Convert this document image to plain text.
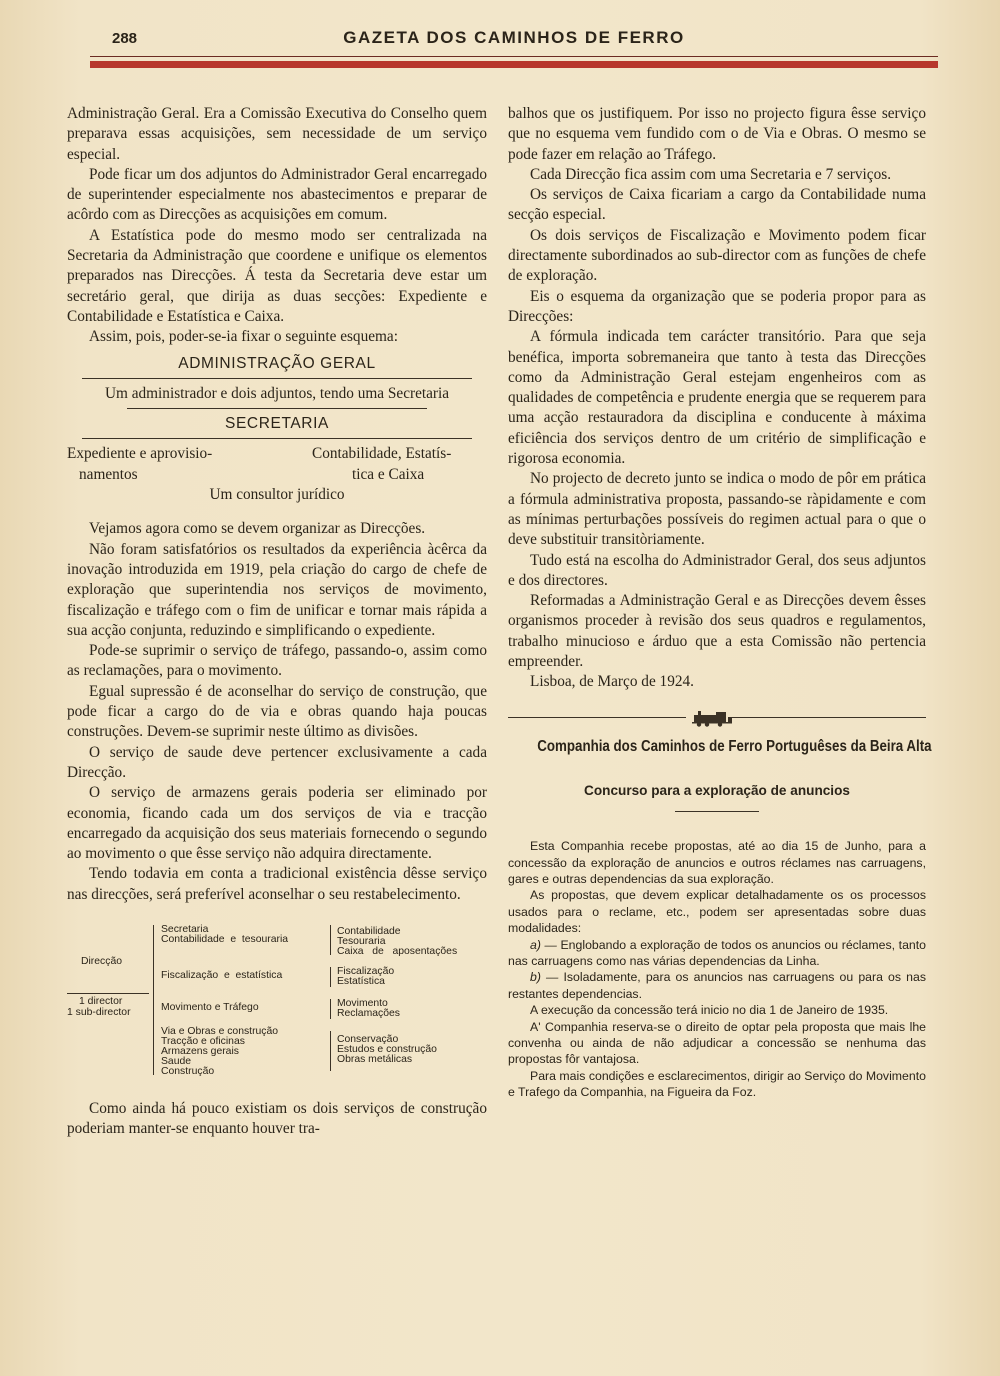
288	GAZETA DOS CAMINHOS DE FERRO

Administração Geral. Era a Comissão Executiva do Conselho quem preparava essas acquisições, sem necessidade de um serviço especial.

Pode ficar um dos adjuntos do Administrador Geral encarregado de superintender especialmente nos abastecimentos e preparar de acôrdo com as Direcções as acquisições em comum.

A Estatística pode do mesmo modo ser centralizada na Secretaria da Administração que coordene e unifique os elementos preparados nas Direcções. Á testa da Secretaria deve estar um secretário geral, que dirija as duas secções: Expediente e Contabilidade e Estatística e Caixa.

Assim, pois, poder-se-ia fixar o seguinte esquema:

ADMINISTRAÇÃO GERAL
Um administrador e dois adjuntos, tendo uma Secretaria
SECRETARIA
Expediente e aprovisio-
namentos
Contabilidade, Estatís-
tica e Caixa
Um consultor jurídico

Vejamos agora como se devem organizar as Direcções.

Não foram satisfatórios os resultados da experiência àcêrca da inovação introduzida em 1919, pela criação do cargo de chefe de exploração que superintendia nos serviços de movimento, fiscalização e tráfego com o fim de unificar e tornar mais rápida a sua acção conjunta, reduzindo e simplificando o expediente.

Pode-se suprimir o serviço de tráfego, passando-o, assim como as reclamações, para o movimento.

Egual supressão é de aconselhar do serviço de construção, que pode ficar a cargo do de via e obras quando haja poucas construções. Devem-se suprimir neste último as divisões.

O serviço de saude deve pertencer exclusivamente a cada Direcção.

O serviço de armazens gerais poderia ser eliminado por economia, ficando cada um dos serviços de via e tracção encarregado da acquisição dos seus materiais fornecendo o segundo ao movimento o que êsse serviço não adquira directamente.

Tendo todavia em conta a tradicional existência dêsse serviço nas direcções, será preferível aconselhar o seu restabelecimento.

Direcção
1 director
1 sub-director
Secretaria
Contabilidade  e  tesouraria
Fiscalização  e  estatística
Movimento e Tráfego
Via e Obras e construção
Tracção e oficinas
Armazens gerais
Saude
Construção
Contabilidade
Tesouraria
Caixa   de   aposentações
Fiscalização
Estatística
Movimento
Reclamações
Conservação
Estudos e construção
Obras metálicas

Como ainda há pouco existiam os dois serviços de construção poderiam manter-se enquanto houver tra-

balhos que os justifiquem. Por isso no projecto figura êsse serviço que no esquema vem fundido com o de Via e Obras. O mesmo se pode fazer em relação ao Tráfego.

Cada Direcção fica assim com uma Secretaria e 7 serviços.

Os serviços de Caixa ficariam a cargo da Contabilidade numa secção especial.

Os dois serviços de Fiscalização e Movimento podem ficar directamente subordinados ao sub-director com as funções de chefe de exploração.

Eis o esquema da organização que se poderia propor para as Direcções:

A fórmula indicada tem carácter transitório. Para que seja benéfica, importa sobremaneira que tanto à testa das Direcções como da Administração Geral estejam engenheiros com as qualidades de competência e prudente energia que se requerem para uma acção restauradora da disciplina e conducente à máxima eficiência dos serviços dentro de um critério de simplificação e rigorosa economia.

No projecto de decreto junto se indica o modo de pôr em prática a fórmula administrativa proposta, passando-se ràpidamente e com as mínimas perturbações possíveis do regimen actual para o que o deve substituir transitòriamente.

Tudo está na escolha do Administrador Geral, dos seus adjuntos e dos directores.

Reformadas a Administração Geral e as Direcções devem êsses organismos proceder à revisão dos seus quadros e regulamentos, trabalho minucioso e árduo que a esta Comissão não pertencia empreender.

Lisboa, de Março de 1924.

Companhia dos Caminhos de Ferro Portuguêses da Beira Alta
Concurso para a exploração de anuncios

Esta Companhia recebe propostas, até ao dia 15 de Junho, para a concessão da exploração de anuncios e outros réclames nas carruagens, gares e outras dependencias da sua exploração.

As propostas, que devem explicar detalhadamente os os processos usados para o reclame, etc., podem ser apresentadas sobre duas modalidades:

a) — Englobando a exploração de todos os anuncios ou réclames, tanto nas carruagens como nas várias dependencias da Linha.

b) — Isoladamente, para os anuncios nas carruagens ou para os nas restantes dependencias.

A execução da concessão terá inicio no dia 1 de Janeiro de 1935.

A' Companhia reserva-se o direito de optar pela proposta que mais lhe convenha ou ainda de não adjudicar a concessão se nenhuma das propostas fôr vantajosa.

Para mais condições e esclarecimentos, dirigir ao Serviço do Movimento e Trafego da Companhia, na Figueira da Foz.
